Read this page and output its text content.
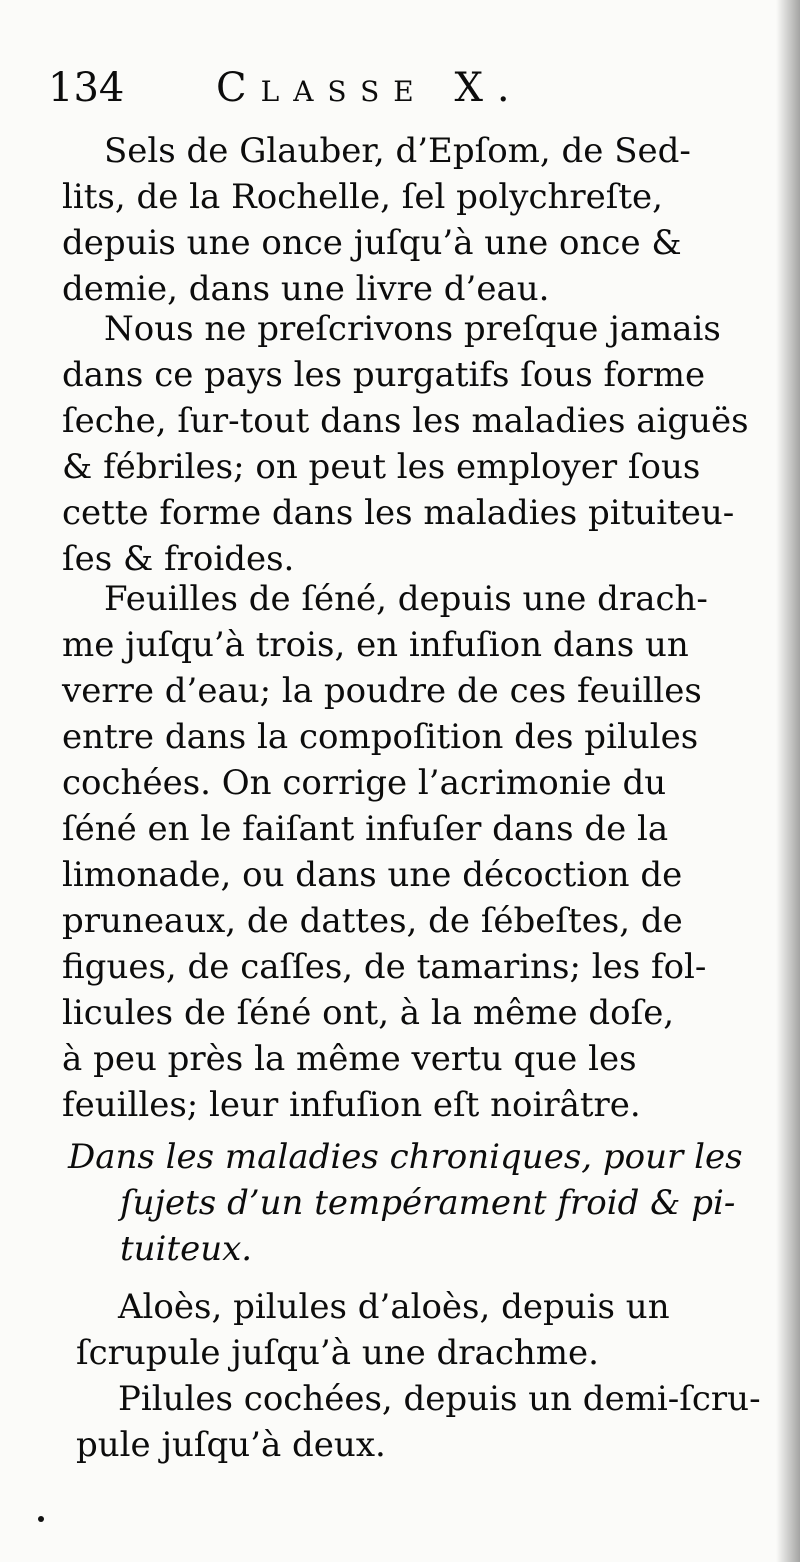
134 Classe X.
Sels de Glauber, d’Epſom, de Sed-
lits, de la Rochelle, ſel polychreſte,
depuis une once juſqu’à une once &
demie, dans une livre d’eau.
Nous ne preſcrivons preſque jamais
dans ce pays les purgatifs ſous forme
ſeche, ſur-tout dans les maladies aiguës
& fébriles; on peut les employer ſous
cette forme dans les maladies pituiteu-
ſes & froides.
Feuilles de ſéné, depuis une drach-
me juſqu’à trois, en infuſion dans un
verre d’eau; la poudre de ces feuilles
entre dans la compoſition des pilules
cochées. On corrige l’acrimonie du
ſéné en le faiſant infuſer dans de la
limonade, ou dans une décoction de
pruneaux, de dattes, de ſébeſtes, de
figues, de caſſes, de tamarins; les fol-
licules de ſéné ont, à la même doſe,
à peu près la même vertu que les
feuilles; leur infuſion eſt noirâtre.
Dans les maladies chroniques, pour les
ſujets d’un tempérament froid & pi-
tuiteux.
Aloès, pilules d’aloès, depuis un
ſcrupule juſqu’à une drachme.
Pilules cochées, depuis un demi-ſcru-
pule juſqu’à deux.
